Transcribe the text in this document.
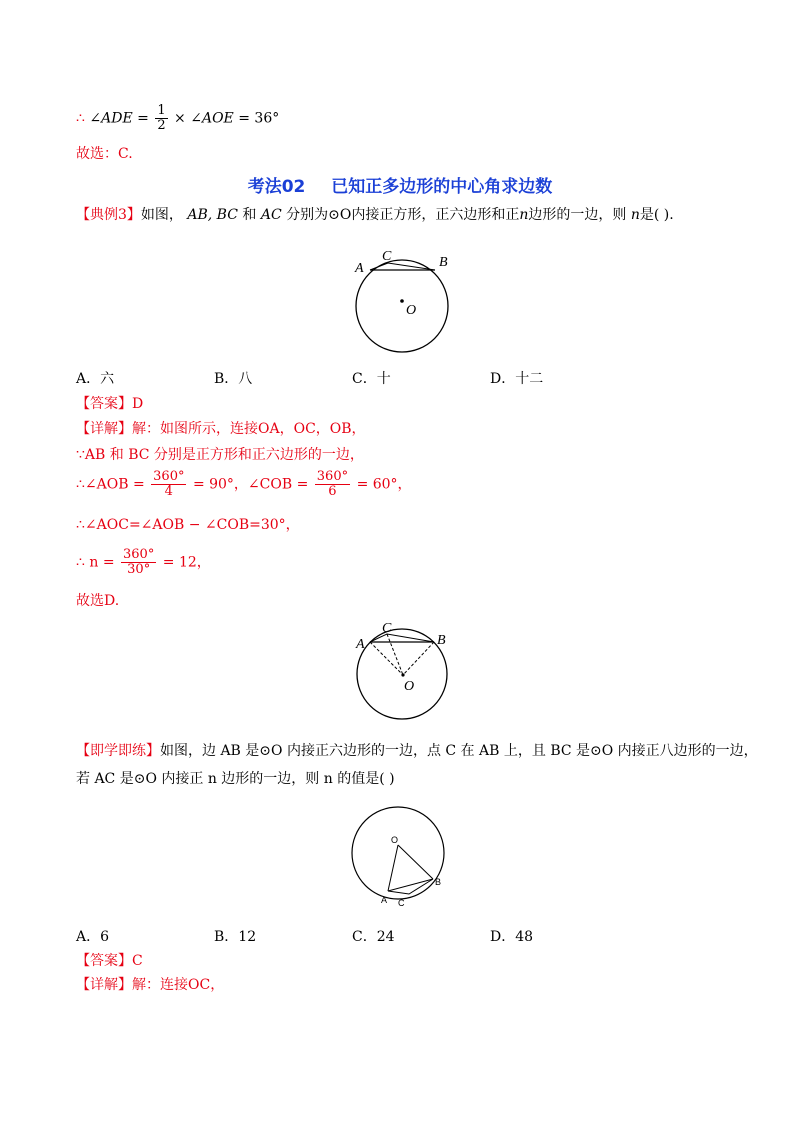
∴ ∠ADE = $\frac{1}{2}$ × ∠AOE = 36°
故选：C.
考法02 已知正多边形的中心角求边数
【典例3】如图， AB, BC 和 AC 分别为⊙O内接正方形，正六边形和正n边形的一边，则 n是( ).
A
C	B
O
A．六	B．八	C．十	D．十二
【答案】D
【详解】解：如图所示，连接OA，OC，OB，
∵AB 和 BC 分别是正方形和正六边形的一边，
∴∠AOB = $\frac{360^\circ}{4} = 90^\circ$，∠COB = $\frac{360^\circ}{6} = 60^\circ$，
∴∠AOC=∠AOB − ∠COB=30°，
∴ $n = \frac{360^\circ}{30^\circ} = 12$，
故选D.
A
C
B
O
【即学即练】如图，边 AB 是⊙O 内接正六边形的一边，点 C 在 AB 上，且 BC 是⊙O 内接正八边形的一边，
若 AC 是⊙O 内接正 n 边形的一边，则 n 的值是( )
O
A C
B
A．6	B．12	C．24	D．48
【答案】C
【详解】解：连接OC，
